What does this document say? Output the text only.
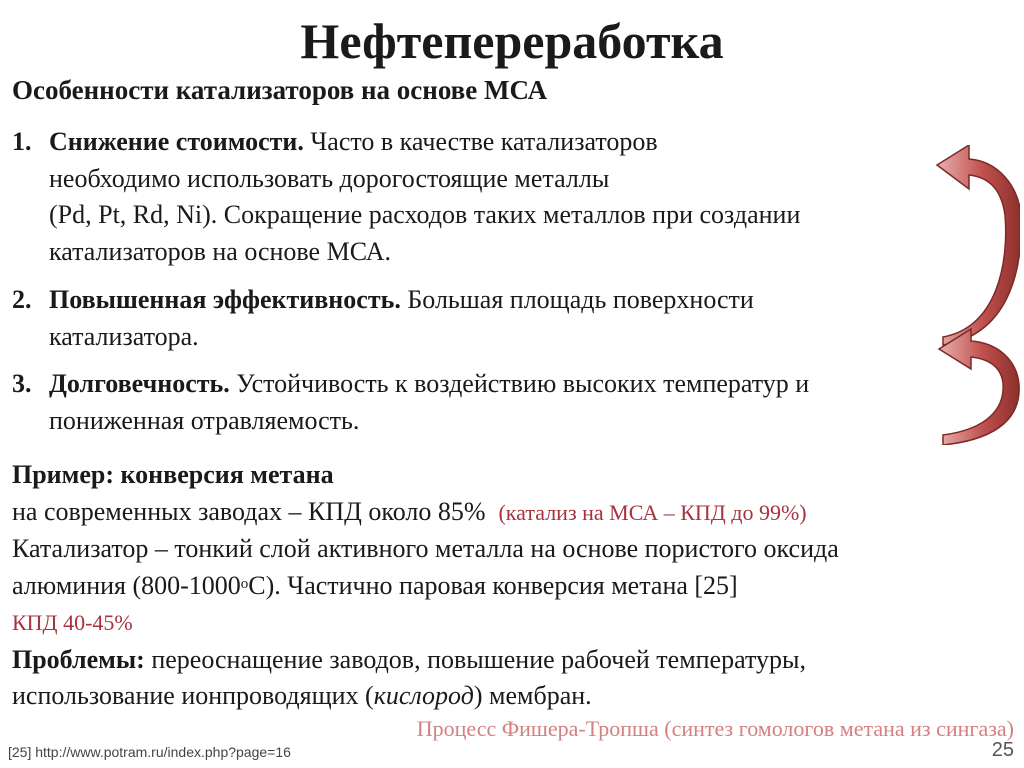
Нефтепереработка
Особенности катализаторов на основе МСА
1. Снижение стоимости. Часто в качестве катализаторов
необходимо использовать дорогостоящие металлы
(Pd, Pt, Rd, Ni). Сокращение расходов таких металлов при создании
катализаторов на основе МСА.
2. Повышенная эффективность. Большая площадь поверхности
катализатора.
3. Долговечность. Устойчивость к воздействию высоких температур и
пониженная отравляемость.
Пример: конверсия метана
на современных заводах – КПД около 85% (катализ на МСА – КПД до 99%)
Катализатор – тонкий слой активного металла на основе пористого оксида
алюминия (800-1000$^o$C). Частично паровая конверсия метана [25]
КПД 40-45%
Проблемы: переоснащение заводов, повышение рабочей температуры,
использование ионпроводящих (кислород) мембран.
Процесс Фишера-Тропша (синтез гомологов метана из сингаза)
[25] http://www.potram.ru/index.php?page=16	25
